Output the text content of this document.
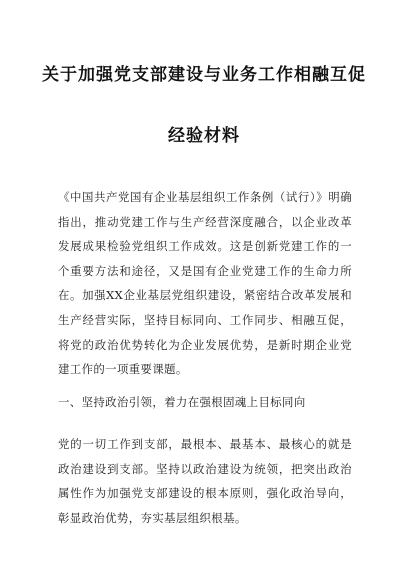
关于加强党支部建设与业务工作相融互促
经验材料
《中国共产党国有企业基层组织工作条例（试行）》明确指出，推动党建工作与生产经营深度融合，以企业改革发展成果检验党组织工作成效。这是创新党建工作的一个重要方法和途径，又是国有企业党建工作的生命力所在。加强XX企业基层党组织建设，紧密结合改革发展和生产经营实际，坚持目标同向、工作同步、相融互促，将党的政治优势转化为企业发展优势，是新时期企业党建工作的一项重要课题。
一、坚持政治引领，着力在强根固魂上目标同向
党的一切工作到支部，最根本、最基本、最核心的就是政治建设到支部。坚持以政治建设为统领，把突出政治属性作为加强党支部建设的根本原则，强化政治导向，彰显政治优势，夯实基层组织根基。
